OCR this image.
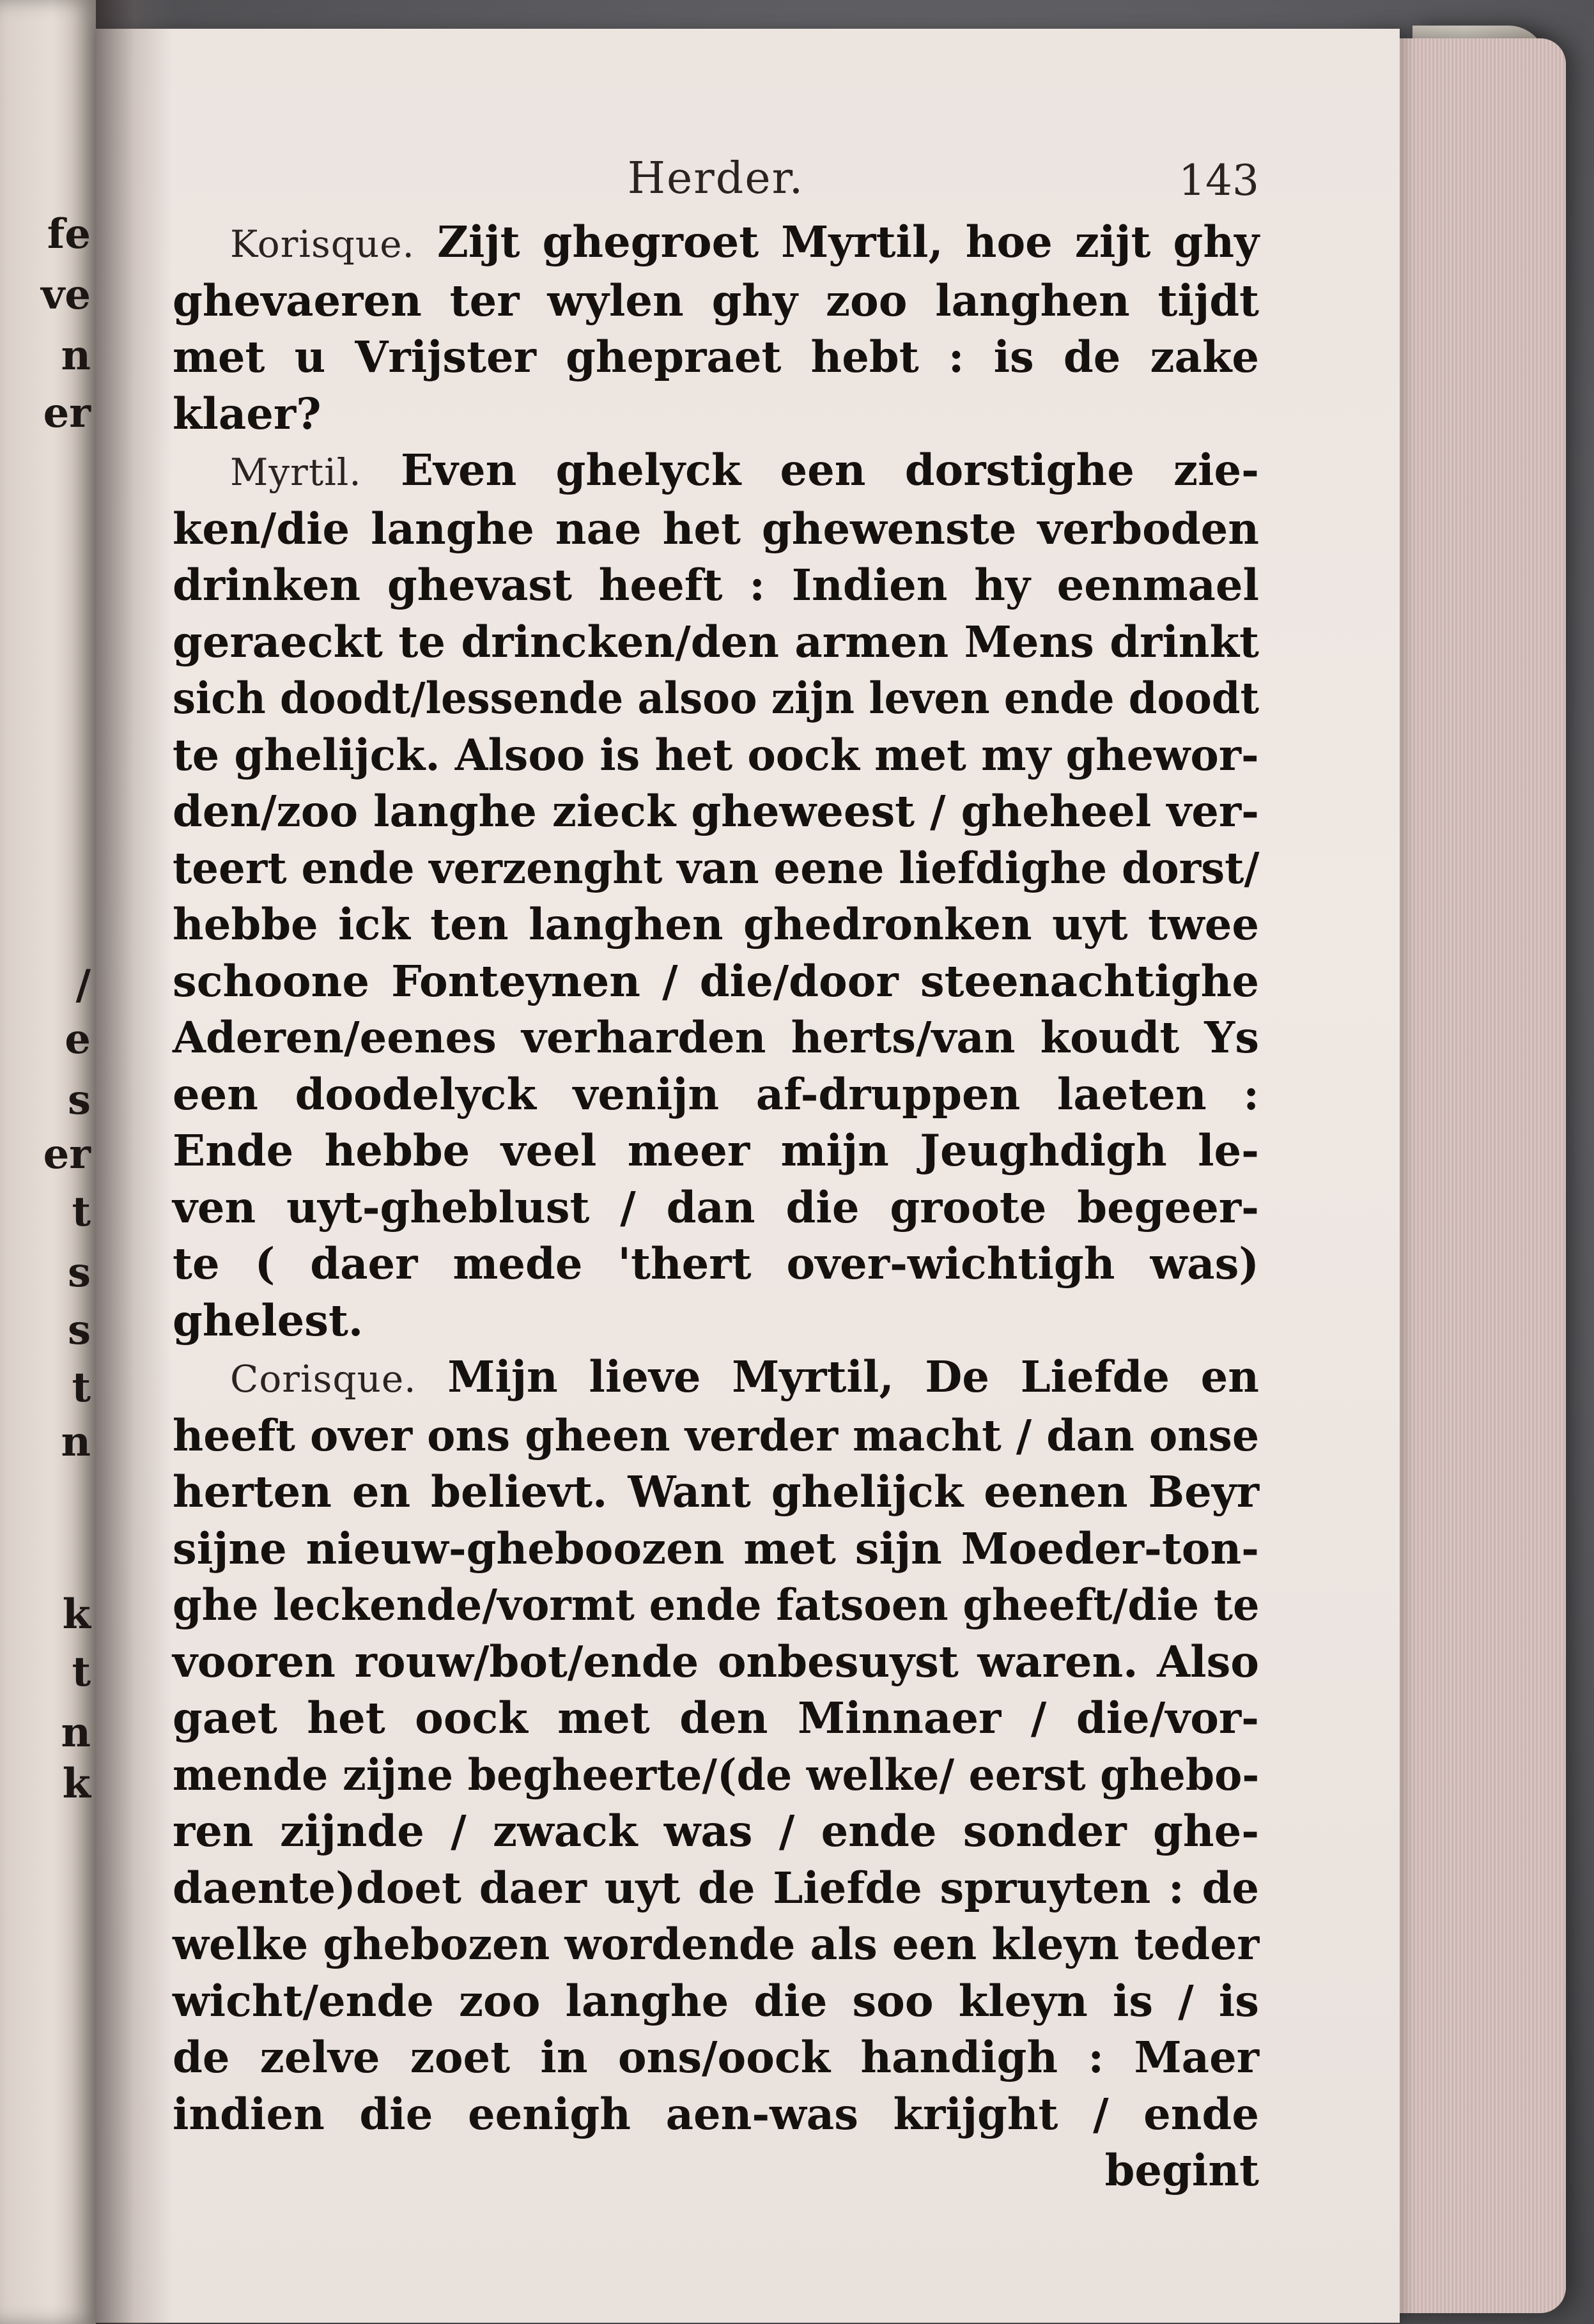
fe
ve
n
er
/
e
s
er
t
s
s
t
n
k
t
n
k
Herder.	143
Korisque. Zijt ghegroet Myrtil, hoe zijt ghy
ghevaeren ter wylen ghy zoo langhen tijdt
met u Vrijster ghepraet hebt : is de zake
klaer?
Myrtil. Even ghelyck een dorstighe zie-
ken/die langhe nae het ghewenste verboden
drinken ghevast heeft : Indien hy eenmael
geraeckt te drincken/den armen Mens drinkt
sich doodt/lessende alsoo zijn leven ende doodt
te ghelijck. Alsoo is het oock met my ghewor-
den/zoo langhe zieck gheweest / gheheel ver-
teert ende verzenght van eene liefdighe dorst/
hebbe ick ten langhen ghedronken uyt twee
schoone Fonteynen / die/door steenachtighe
Aderen/eenes verharden herts/van koudt Ys
een doodelyck venijn af-druppen laeten :
Ende hebbe veel meer mijn Jeughdigh le-
ven uyt-gheblust / dan die groote begeer-
te ( daer mede 'thert over-wichtigh was)
ghelest.
Corisque. Mijn lieve Myrtil, De Liefde en
heeft over ons gheen verder macht / dan onse
herten en believt. Want ghelijck eenen Beyr
sijne nieuw-gheboozen met sijn Moeder-ton-
ghe leckende/vormt ende fatsoen gheeft/die te
vooren rouw/bot/ende onbesuyst waren. Also
gaet het oock met den Minnaer / die/vor-
mende zijne begheerte/(de welke/ eerst ghebo-
ren zijnde / zwack was / ende sonder ghe-
daente)doet daer uyt de Liefde spruyten : de
welke ghebozen wordende als een kleyn teder
wicht/ende zoo langhe die soo kleyn is / is
de zelve zoet in ons/oock handigh : Maer
indien die eenigh aen-was krijght / ende
begint
